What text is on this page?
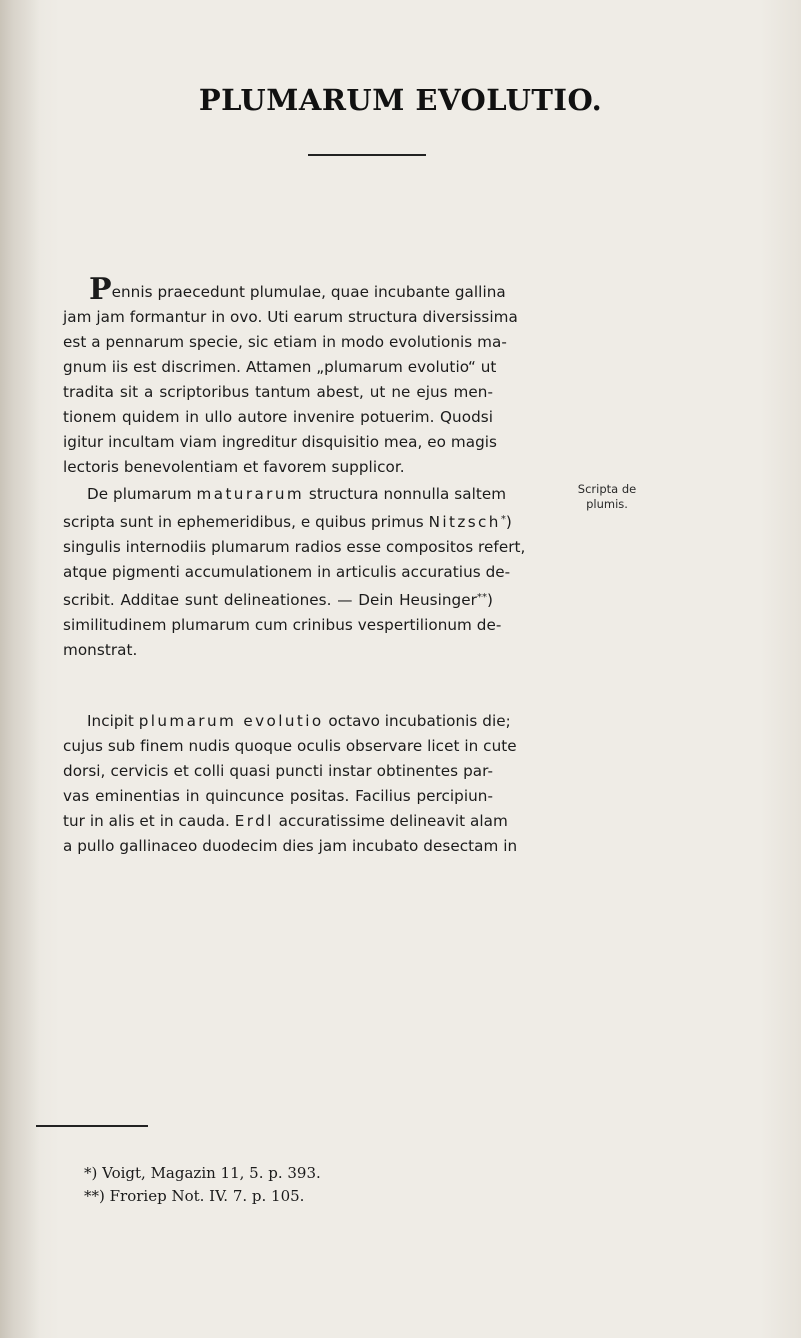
PLUMARUM EVOLUTIO.
Pennis praecedunt plumulae, quae incubante gallina
jam jam formantur in ovo. Uti earum structura diversissima
est a pennarum specie, sic etiam in modo evolutionis ma-
gnum iis est discrimen. Attamen „plumarum evolutio“ ut
tradita sit a scriptoribus tantum abest, ut ne ejus men-
tionem quidem in ullo autore invenire potuerim. Quodsi
igitur incultam viam ingreditur disquisitio mea, eo magis
lectoris benevolentiam et favorem supplicor.
De plumarum maturarum structura nonnulla saltem
scripta sunt in ephemeridibus, e quibus primus Nitzsch*)
singulis internodiis plumarum radios esse compositos refert,
atque pigmenti accumulationem in articulis accuratius de-
scribit. Additae sunt delineationes. — Dein Heusinger**)
similitudinem plumarum cum crinibus vespertilionum de-
monstrat.
Scripta de
plumis.
Incipit plumarum evolutio octavo incubationis die;
cujus sub finem nudis quoque oculis observare licet in cute
dorsi, cervicis et colli quasi puncti instar obtinentes par-
vas eminentias in quincunce positas. Facilius percipiun-
tur in alis et in cauda. Erdl accuratissime delineavit alam
a pullo gallinaceo duodecim dies jam incubato desectam in
*) Voigt, Magazin 11, 5. p. 393.
**) Froriep Not. IV. 7. p. 105.
